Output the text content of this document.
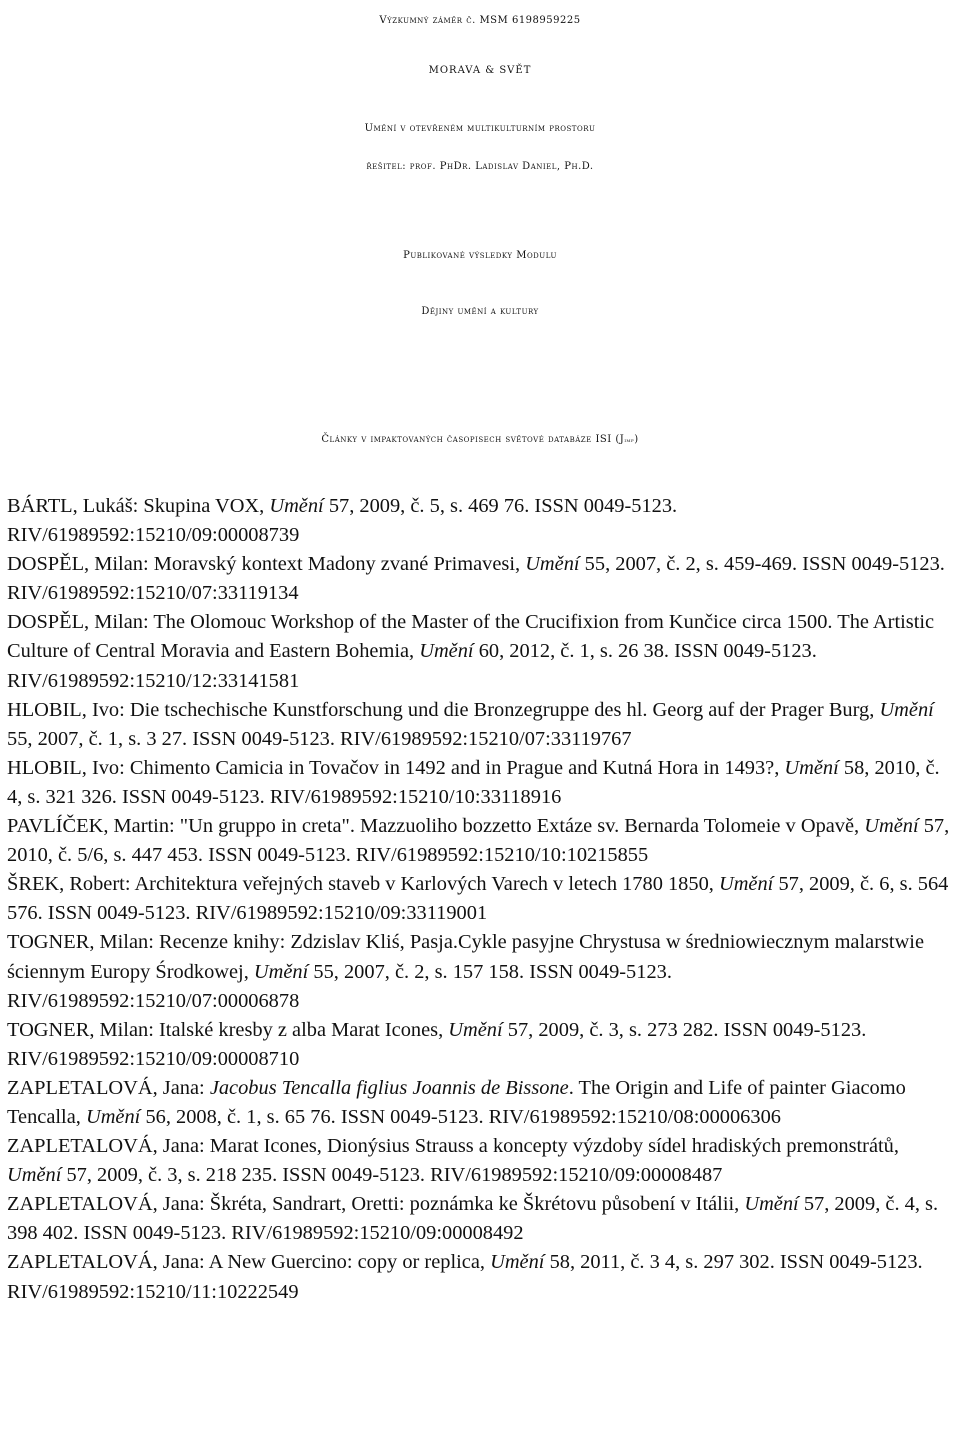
Výzkumný záměr č. MSM 6198959225
MORAVA & SVĚT
Umění v otevřeném multikulturním prostoru
řešitel: prof. PhDr. Ladislav Daniel, Ph.D.
Publikované výsledky Modulu
Dějiny umění a kultury
Články v impaktovaných časopisech světové databáze ISI (Jimp)

BÁRTL, Lukáš: Skupina VOX, Umění 57, 2009, č. 5, s. 469 76. ISSN 0049-5123. RIV/61989592:15210/09:00008739

DOSPĚL, Milan: Moravský kontext Madony zvané Primavesi, Umění 55, 2007, č. 2, s. 459-469. ISSN 0049-5123. RIV/61989592:15210/07:33119134

DOSPĚL, Milan: The Olomouc Workshop of the Master of the Crucifixion from Kunčice circa 1500. The Artistic Culture of Central Moravia and Eastern Bohemia, Umění 60, 2012, č. 1, s. 26 38. ISSN 0049-5123. RIV/61989592:15210/12:33141581

HLOBIL, Ivo: Die tschechische Kunstforschung und die Bronzegruppe des hl. Georg auf der Prager Burg, Umění 55, 2007, č. 1, s. 3 27. ISSN 0049-5123. RIV/61989592:15210/07:33119767

HLOBIL, Ivo: Chimento Camicia in Tovačov in 1492 and in Prague and Kutná Hora in 1493?, Umění 58, 2010, č. 4, s. 321 326. ISSN 0049-5123. RIV/61989592:15210/10:33118916

PAVLÍČEK, Martin: "Un gruppo in creta". Mazzuoliho bozzetto Extáze sv. Bernarda Tolomeie v Opavě, Umění 57, 2010, č. 5/6, s. 447 453. ISSN 0049-5123. RIV/61989592:15210/10:10215855

ŠREK, Robert: Architektura veřejných staveb v Karlových Varech v letech 1780 1850, Umění 57, 2009, č. 6, s. 564 576. ISSN 0049-5123. RIV/61989592:15210/09:33119001

TOGNER, Milan: Recenze knihy: Zdzislav Kliś, Pasja.Cykle pasyjne Chrystusa w średniowiecznym malarstwie ściennym Europy Środkowej, Umění 55, 2007, č. 2, s. 157 158. ISSN 0049-5123. RIV/61989592:15210/07:00006878

TOGNER, Milan: Italské kresby z alba Marat Icones, Umění 57, 2009, č. 3, s. 273 282. ISSN 0049-5123. RIV/61989592:15210/09:00008710

ZAPLETALOVÁ, Jana: Jacobus Tencalla figlius Joannis de Bissone. The Origin and Life of painter Giacomo Tencalla, Umění 56, 2008, č. 1, s. 65 76. ISSN 0049-5123. RIV/61989592:15210/08:00006306

ZAPLETALOVÁ, Jana: Marat Icones, Dionýsius Strauss a koncepty výzdoby sídel hradiských premonstrátů, Umění 57, 2009, č. 3, s. 218 235. ISSN 0049-5123. RIV/61989592:15210/09:00008487

ZAPLETALOVÁ, Jana: Škréta, Sandrart, Oretti: poznámka ke Škrétovu působení v Itálii, Umění 57, 2009, č. 4, s. 398 402. ISSN 0049-5123. RIV/61989592:15210/09:00008492

ZAPLETALOVÁ, Jana: A New Guercino: copy or replica, Umění 58, 2011, č. 3 4, s. 297 302. ISSN 0049-5123. RIV/61989592:15210/11:10222549
